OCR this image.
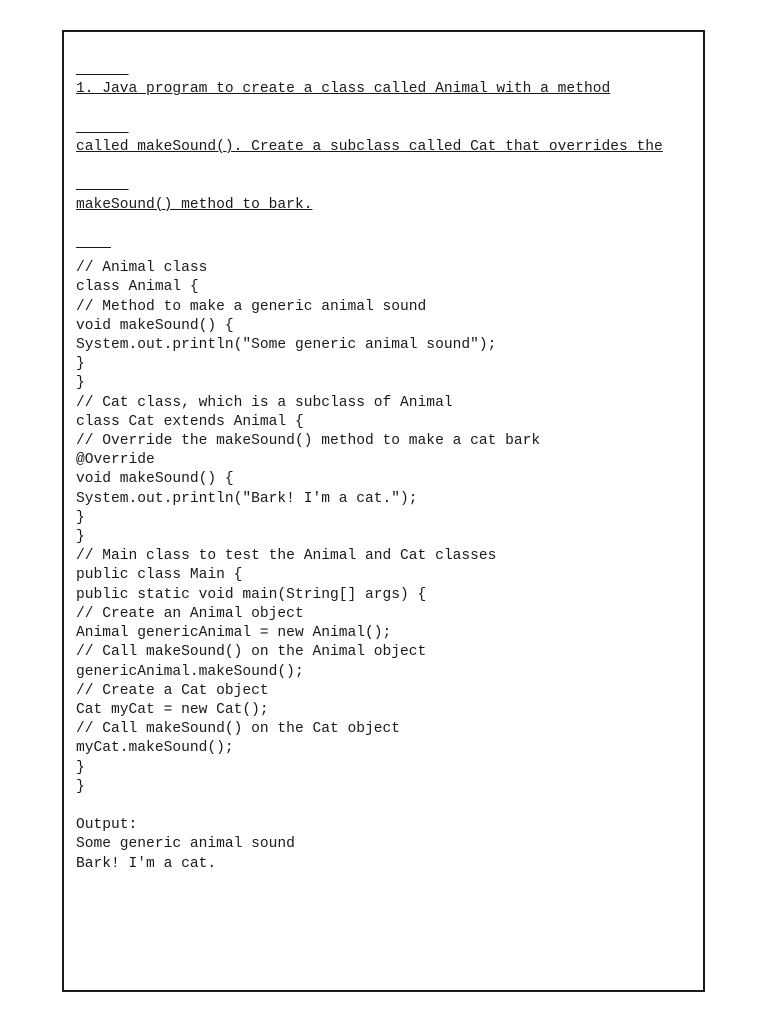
1. Java program to create a class called Animal with a method

called makeSound(). Create a subclass called Cat that overrides the

makeSound() method to bark.

// Animal class
class Animal {
// Method to make a generic animal sound
void makeSound() {
System.out.println("Some generic animal sound");
}
}
// Cat class, which is a subclass of Animal
class Cat extends Animal {
// Override the makeSound() method to make a cat bark
@Override
void makeSound() {
System.out.println("Bark! I'm a cat.");
}
}
// Main class to test the Animal and Cat classes
public class Main {
public static void main(String[] args) {
// Create an Animal object
Animal genericAnimal = new Animal();
// Call makeSound() on the Animal object
genericAnimal.makeSound();
// Create a Cat object
Cat myCat = new Cat();
// Call makeSound() on the Cat object
myCat.makeSound();
}
}
Output:
Some generic animal sound
Bark! I'm a cat.
